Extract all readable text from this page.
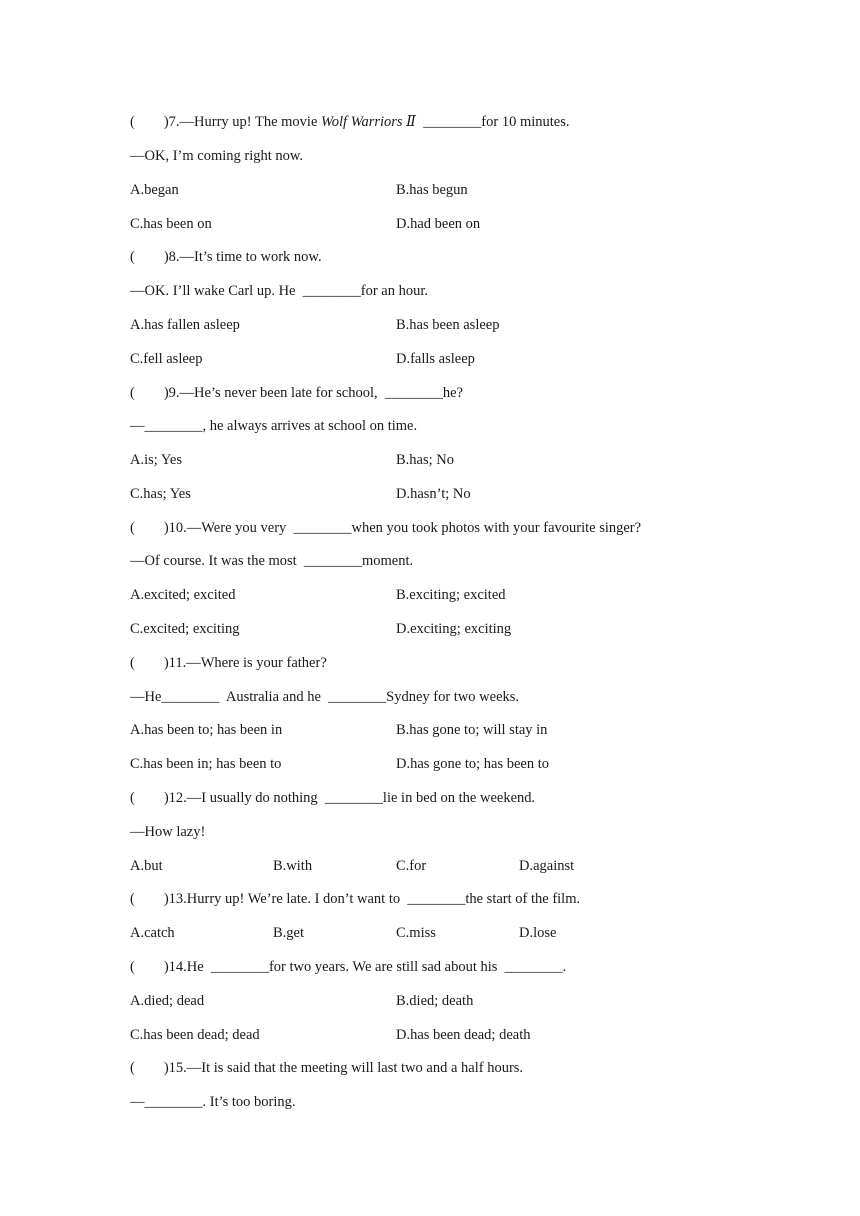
(        )7.—Hurry up! The movie Wolf Warriors Ⅱ  ________for 10 minutes.
—OK, I’m coming right now.
A.began	B.has begun
C.has been on	D.had been on
(        )8.—It’s time to work now.
—OK. I’ll wake Carl up. He  ________for an hour.
A.has fallen asleep	B.has been asleep
C.fell asleep	D.falls asleep
(        )9.—He’s never been late for school,  ________he?
—________, he always arrives at school on time.
A.is; Yes	B.has; No
C.has; Yes	D.hasn’t; No
(        )10.—Were you very  ________when you took photos with your favourite singer?
—Of course. It was the most  ________moment.
A.excited; excited	B.exciting; excited
C.excited; exciting	D.exciting; exciting
(        )11.—Where is your father?
—He________  Australia and he  ________Sydney for two weeks.
A.has been to; has been in	B.has gone to; will stay in
C.has been in; has been to	D.has gone to; has been to
(        )12.—I usually do nothing  ________lie in bed on the weekend.
—How lazy!
A.but	B.with	C.for	D.against
(        )13.Hurry up! We’re late. I don’t want to  ________the start of the film.
A.catch	B.get	C.miss	D.lose
(        )14.He  ________for two years. We are still sad about his  ________.
A.died; dead	B.died; death
C.has been dead; dead	D.has been dead; death
(        )15.—It is said that the meeting will last two and a half hours.
—________. It’s too boring.
